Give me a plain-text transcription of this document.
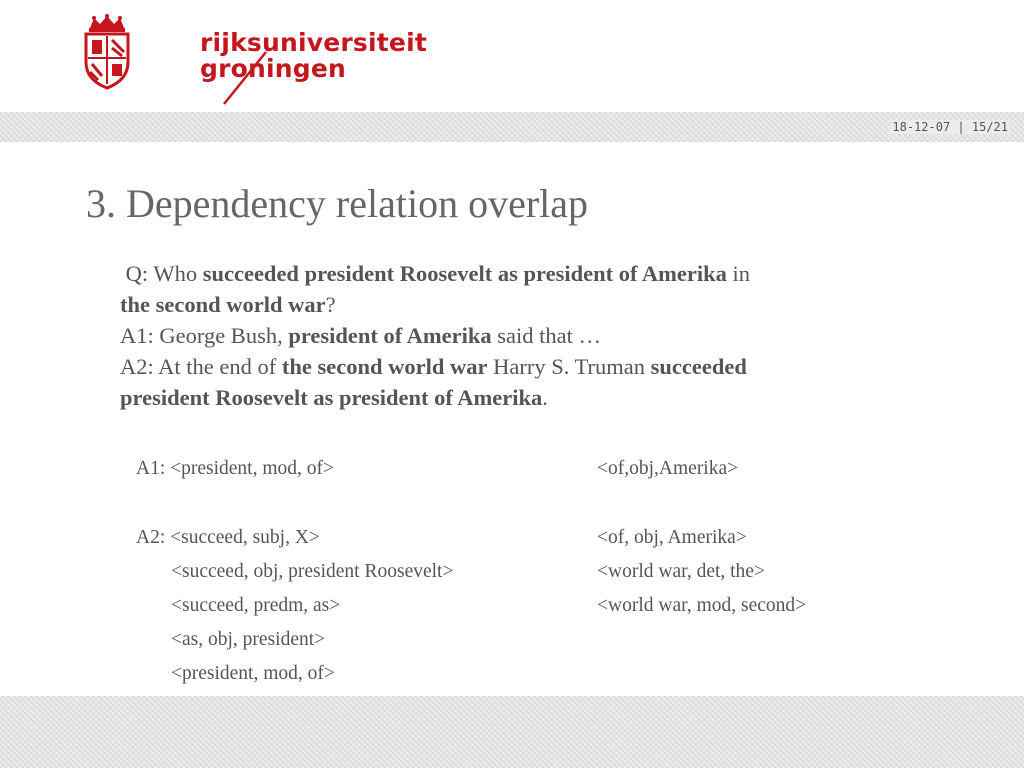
rijksuniversiteit
groningen
18-12-07 | 15/21
3. Dependency relation overlap
Q: Who succeeded president Roosevelt as president of Amerika in
the second world war?
A1: George Bush, president of Amerika said that …
A2: At the end of the second world war Harry S. Truman succeeded
president Roosevelt as president of Amerika.
A1: <president, mod, of>	<of,obj,Amerika>
A2: <succeed, subj, X>
<succeed, obj, president Roosevelt>
<succeed, predm, as>
<as, obj, president>
<president, mod, of>
<of, obj, Amerika>
<world war, det, the>
<world war, mod, second>
